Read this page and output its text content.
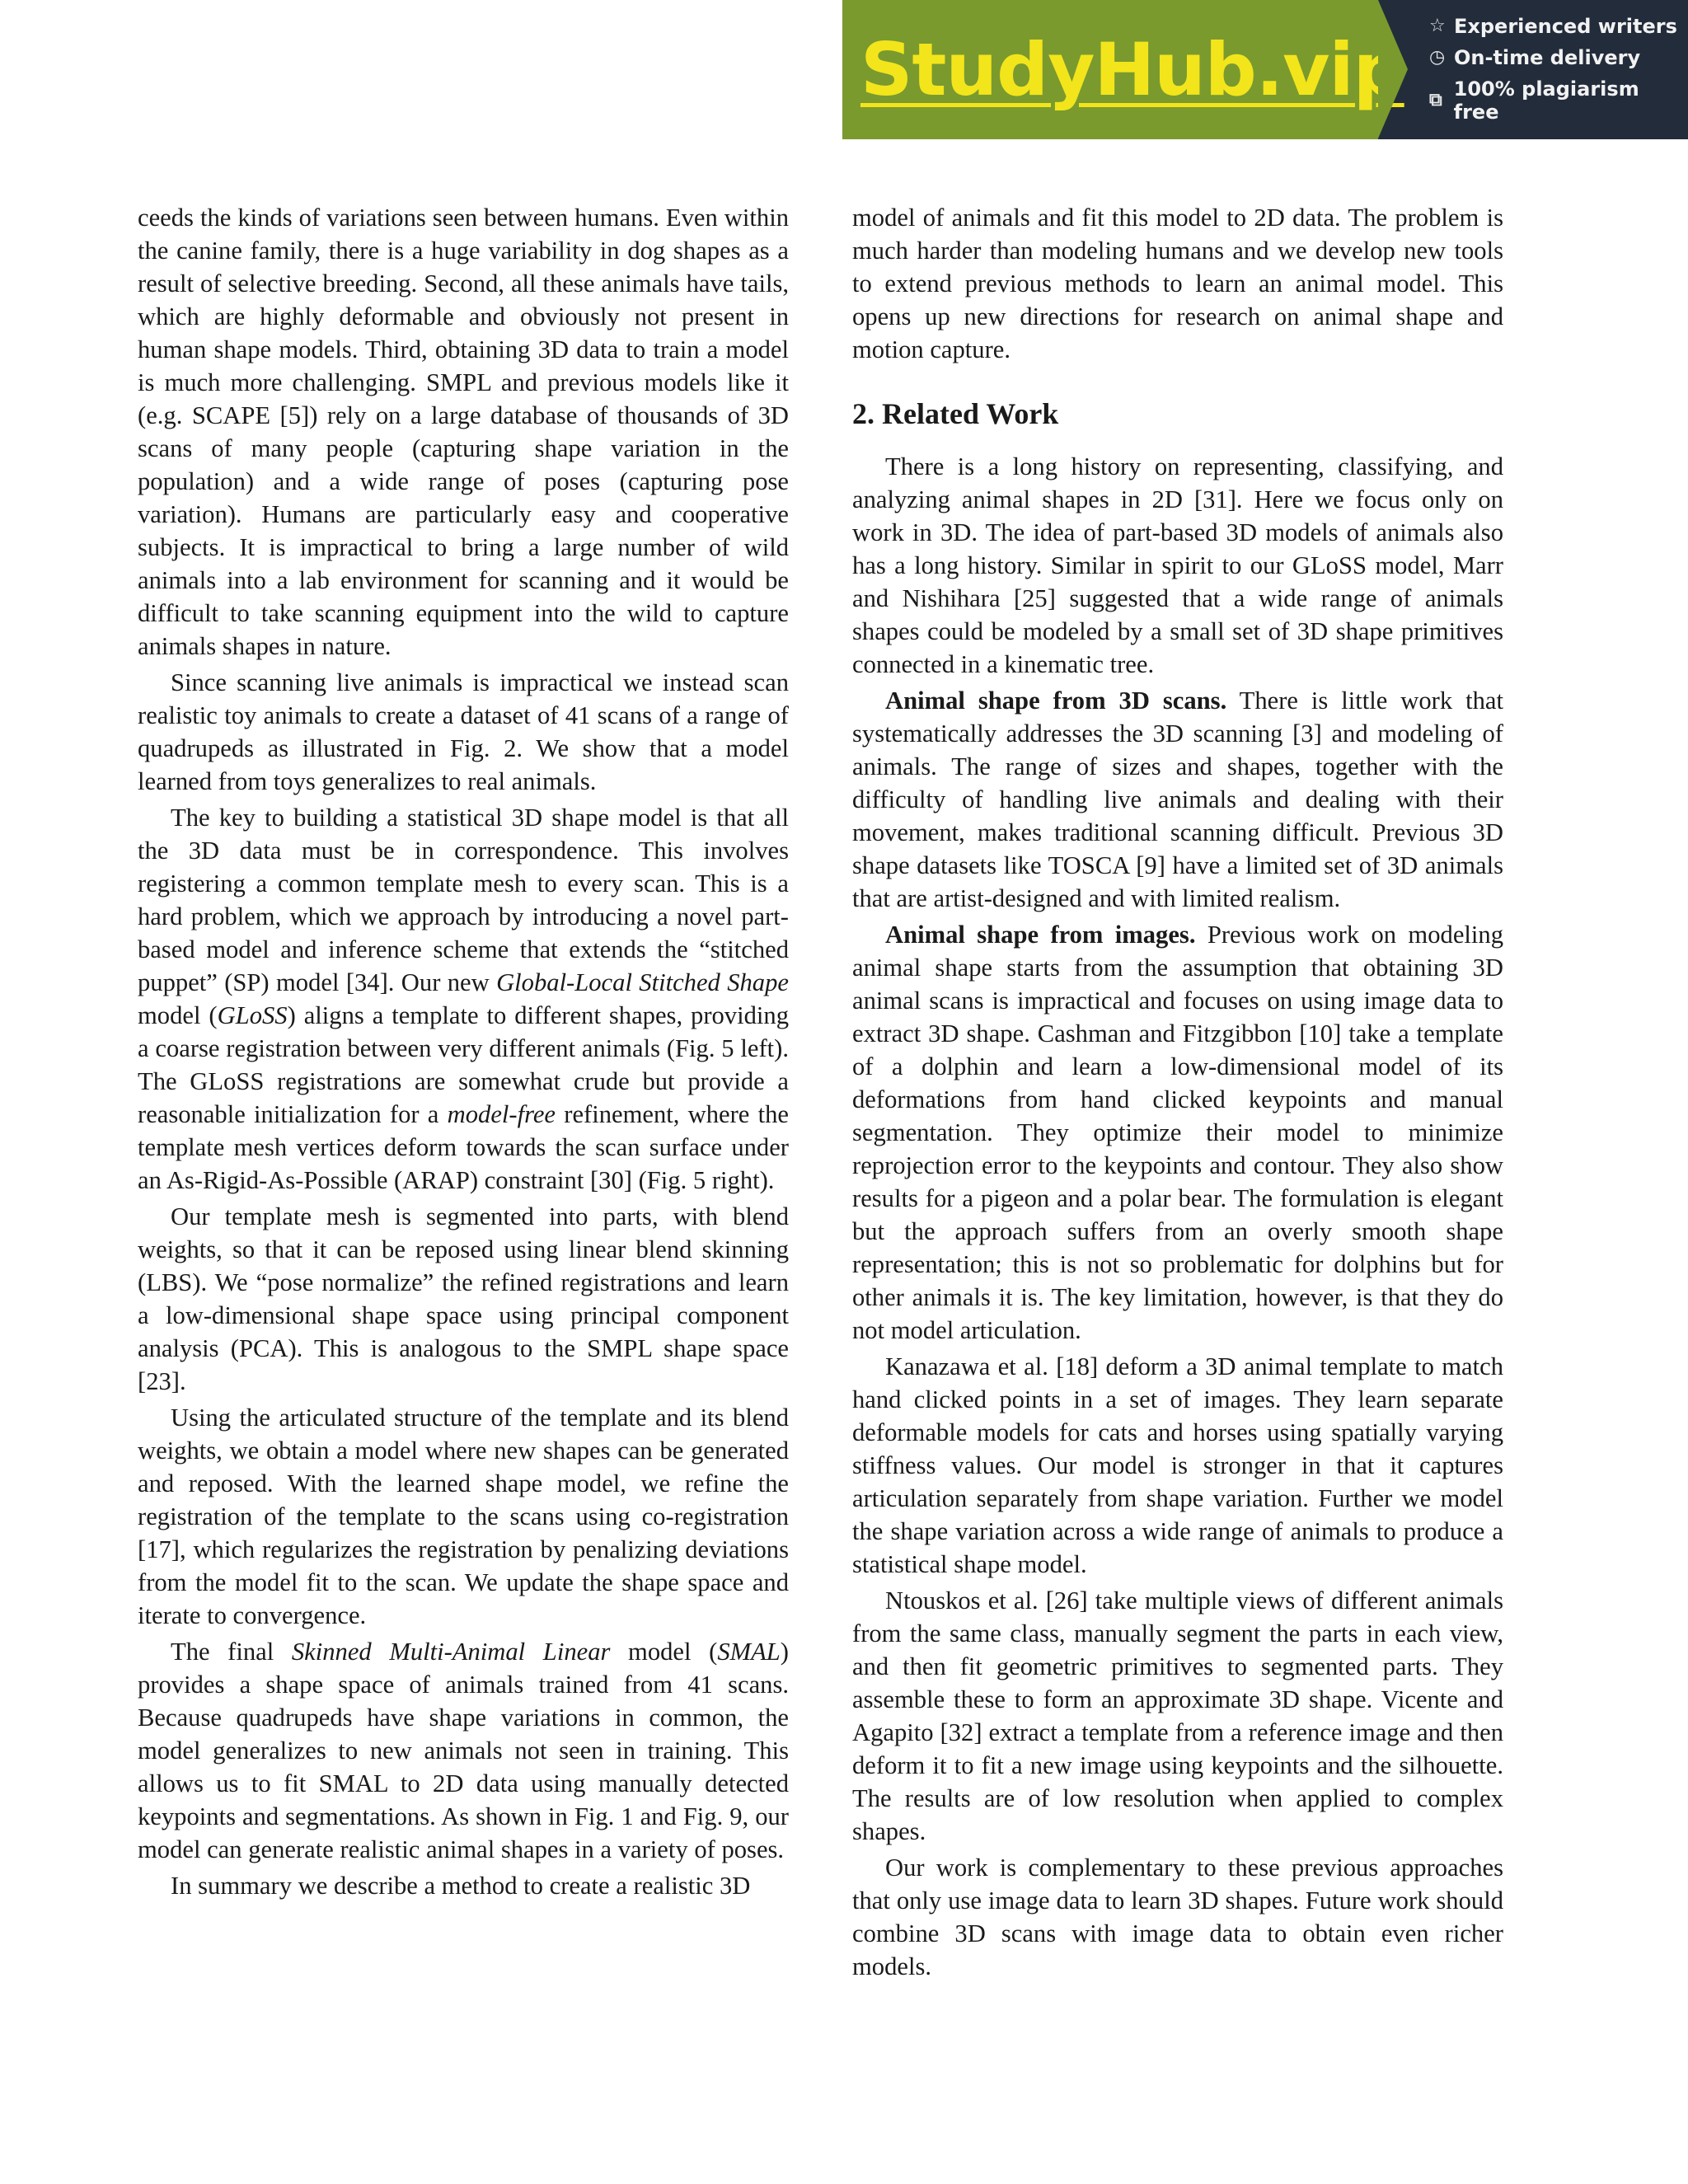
StudyHub.vip
☆ Experienced writers
◷ On-time delivery
⧉
100% plagiarism free

ceeds the kinds of variations seen between humans. Even within the canine family, there is a huge variability in dog shapes as a result of selective breeding. Second, all these animals have tails, which are highly deformable and obviously not present in human shape models. Third, obtaining 3D data to train a model is much more challenging. SMPL and previous models like it (e.g. SCAPE [5]) rely on a large database of thousands of 3D scans of many people (capturing shape variation in the population) and a wide range of poses (capturing pose variation). Humans are particularly easy and cooperative subjects. It is impractical to bring a large number of wild animals into a lab environment for scanning and it would be difficult to take scanning equipment into the wild to capture animals shapes in nature.

Since scanning live animals is impractical we instead scan realistic toy animals to create a dataset of 41 scans of a range of quadrupeds as illustrated in Fig. 2. We show that a model learned from toys generalizes to real animals.

The key to building a statistical 3D shape model is that all the 3D data must be in correspondence. This involves registering a common template mesh to every scan. This is a hard problem, which we approach by introducing a novel part-based model and inference scheme that extends the “stitched puppet” (SP) model [34]. Our new Global-Local Stitched Shape model (GLoSS) aligns a template to different shapes, providing a coarse registration between very different animals (Fig. 5 left). The GLoSS registrations are somewhat crude but provide a reasonable initialization for a model-free refinement, where the template mesh vertices deform towards the scan surface under an As-Rigid-As-Possible (ARAP) constraint [30] (Fig. 5 right).

Our template mesh is segmented into parts, with blend weights, so that it can be reposed using linear blend skinning (LBS). We “pose normalize” the refined registrations and learn a low-dimensional shape space using principal component analysis (PCA). This is analogous to the SMPL shape space [23].

Using the articulated structure of the template and its blend weights, we obtain a model where new shapes can be generated and reposed. With the learned shape model, we refine the registration of the template to the scans using co-registration [17], which regularizes the registration by penalizing deviations from the model fit to the scan. We update the shape space and iterate to convergence.

The final Skinned Multi-Animal Linear model (SMAL) provides a shape space of animals trained from 41 scans. Because quadrupeds have shape variations in common, the model generalizes to new animals not seen in training. This allows us to fit SMAL to 2D data using manually detected keypoints and segmentations. As shown in Fig. 1 and Fig. 9, our model can generate realistic animal shapes in a variety of poses.

In summary we describe a method to create a realistic 3D

model of animals and fit this model to 2D data. The problem is much harder than modeling humans and we develop new tools to extend previous methods to learn an animal model. This opens up new directions for research on animal shape and motion capture.

2. Related Work

There is a long history on representing, classifying, and analyzing animal shapes in 2D [31]. Here we focus only on work in 3D. The idea of part-based 3D models of animals also has a long history. Similar in spirit to our GLoSS model, Marr and Nishihara [25] suggested that a wide range of animals shapes could be modeled by a small set of 3D shape primitives connected in a kinematic tree.

Animal shape from 3D scans. There is little work that systematically addresses the 3D scanning [3] and modeling of animals. The range of sizes and shapes, together with the difficulty of handling live animals and dealing with their movement, makes traditional scanning difficult. Previous 3D shape datasets like TOSCA [9] have a limited set of 3D animals that are artist-designed and with limited realism.

Animal shape from images. Previous work on modeling animal shape starts from the assumption that obtaining 3D animal scans is impractical and focuses on using image data to extract 3D shape. Cashman and Fitzgibbon [10] take a template of a dolphin and learn a low-dimensional model of its deformations from hand clicked keypoints and manual segmentation. They optimize their model to minimize reprojection error to the keypoints and contour. They also show results for a pigeon and a polar bear. The formulation is elegant but the approach suffers from an overly smooth shape representation; this is not so problematic for dolphins but for other animals it is. The key limitation, however, is that they do not model articulation.

Kanazawa et al. [18] deform a 3D animal template to match hand clicked points in a set of images. They learn separate deformable models for cats and horses using spatially varying stiffness values. Our model is stronger in that it captures articulation separately from shape variation. Further we model the shape variation across a wide range of animals to produce a statistical shape model.

Ntouskos et al. [26] take multiple views of different animals from the same class, manually segment the parts in each view, and then fit geometric primitives to segmented parts. They assemble these to form an approximate 3D shape. Vicente and Agapito [32] extract a template from a reference image and then deform it to fit a new image using keypoints and the silhouette. The results are of low resolution when applied to complex shapes.

Our work is complementary to these previous approaches that only use image data to learn 3D shapes. Future work should combine 3D scans with image data to obtain even richer models.
